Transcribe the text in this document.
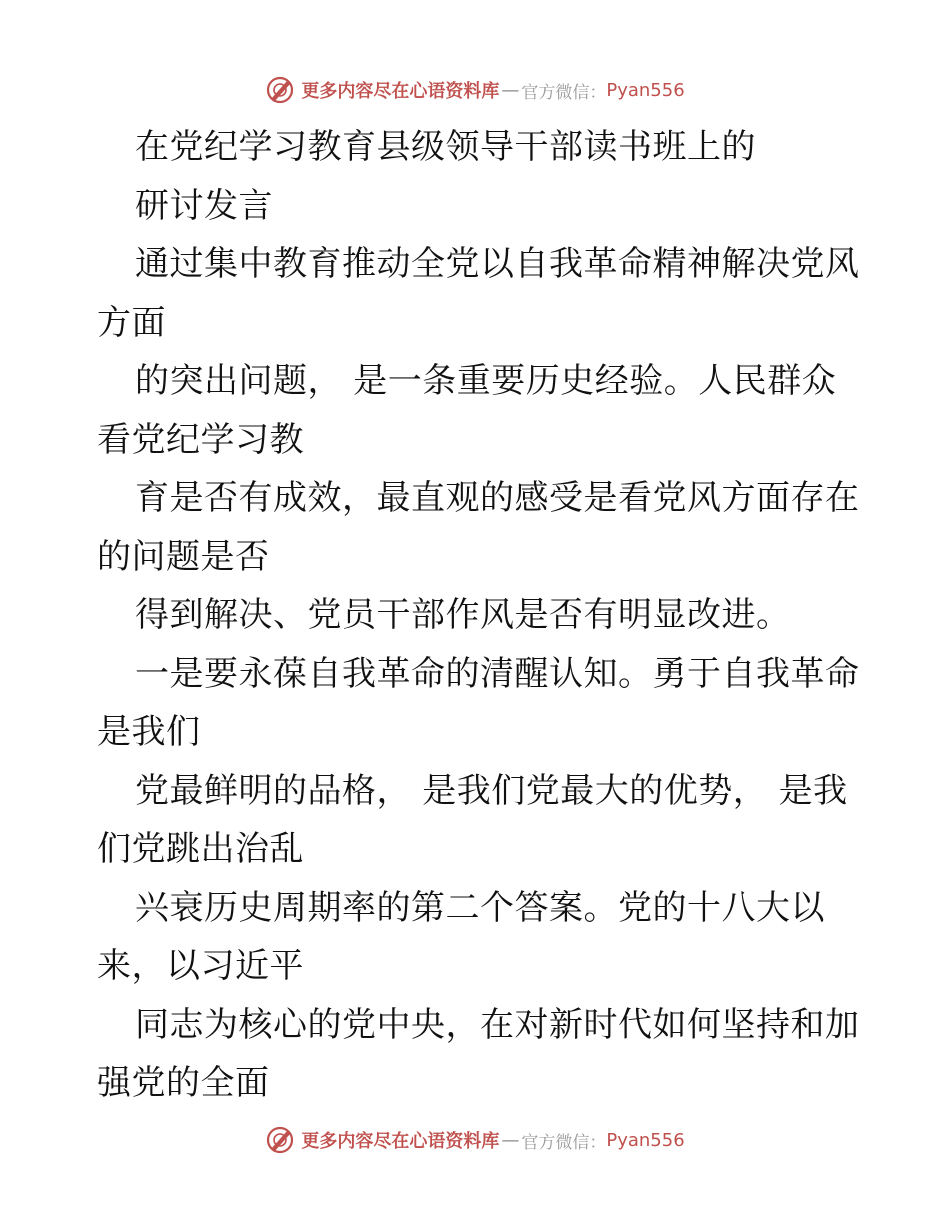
更多内容尽在心语资料库 — 官方微信： Pyan556
在党纪学习教育县级领导干部读书班上的
研讨发言
通过集中教育推动全党以自我革命精神解决党风
方面
的突出问题， 是一条重要历史经验。人民群众
看党纪学习教
育是否有成效，最直观的感受是看党风方面存在
的问题是否
得到解决、党员干部作风是否有明显改进。
一是要永葆自我革命的清醒认知。勇于自我革命
是我们
党最鲜明的品格， 是我们党最大的优势， 是我
们党跳出治乱
兴衰历史周期率的第二个答案。党的十八大以
来，以习近平
同志为核心的党中央，在对新时代如何坚持和加
强党的全面
更多内容尽在心语资料库 — 官方微信： Pyan556
